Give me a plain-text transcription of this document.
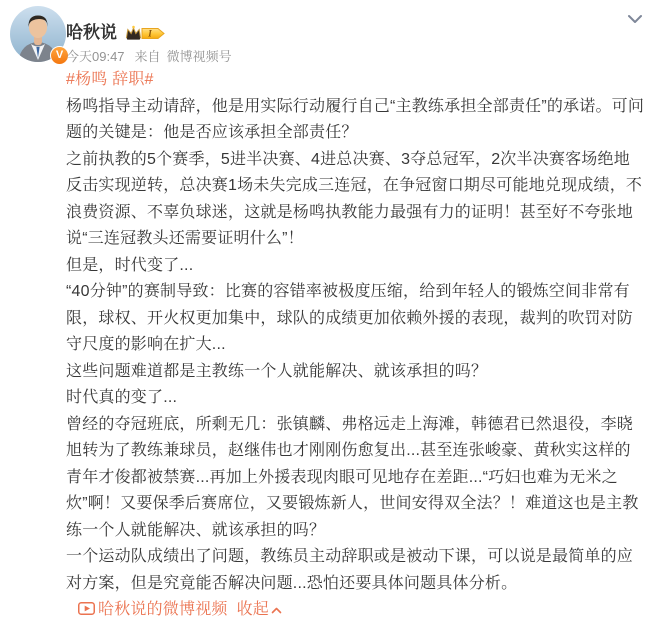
V
哈秋说	I
今天09:47 来自 微博视频号

#杨鸣 辞职#

杨鸣指导主动请辞，他是用实际行动履行自己“主教练承担全部责任”的承诺。可问题的关键是：他是否应该承担全部责任？

之前执教的5个赛季，5进半决赛、4进总决赛、3夺总冠军，2次半决赛客场绝地反击实现逆转，总决赛1场未失完成三连冠，在争冠窗口期尽可能地兑现成绩，不浪费资源、不辜负球迷，这就是杨鸣执教能力最强有力的证明！甚至好不夸张地说“三连冠教头还需要证明什么”！

但是，时代变了...

“40分钟”的赛制导致：比赛的容错率被极度压缩，给到年轻人的锻炼空间非常有限，球权、开火权更加集中，球队的成绩更加依赖外援的表现，裁判的吹罚对防守尺度的影响在扩大...

这些问题难道都是主教练一个人就能解决、就该承担的吗？

时代真的变了...

曾经的夺冠班底，所剩无几：张镇麟、弗格远走上海滩，韩德君已然退役，李晓旭转为了教练兼球员，赵继伟也才刚刚伤愈复出...甚至连张峻豪、黄秋实这样的青年才俊都被禁赛...再加上外援表现肉眼可见地存在差距...“巧妇也难为无米之炊”啊！又要保季后赛席位，又要锻炼新人，世间安得双全法？！难道这也是主教练一个人就能解决、就该承担的吗？

一个运动队成绩出了问题，教练员主动辞职或是被动下课，可以说是最简单的应对方案，但是究竟能否解决问题...恐怕还要具体问题具体分析。
哈秋说的微博视频 收起
